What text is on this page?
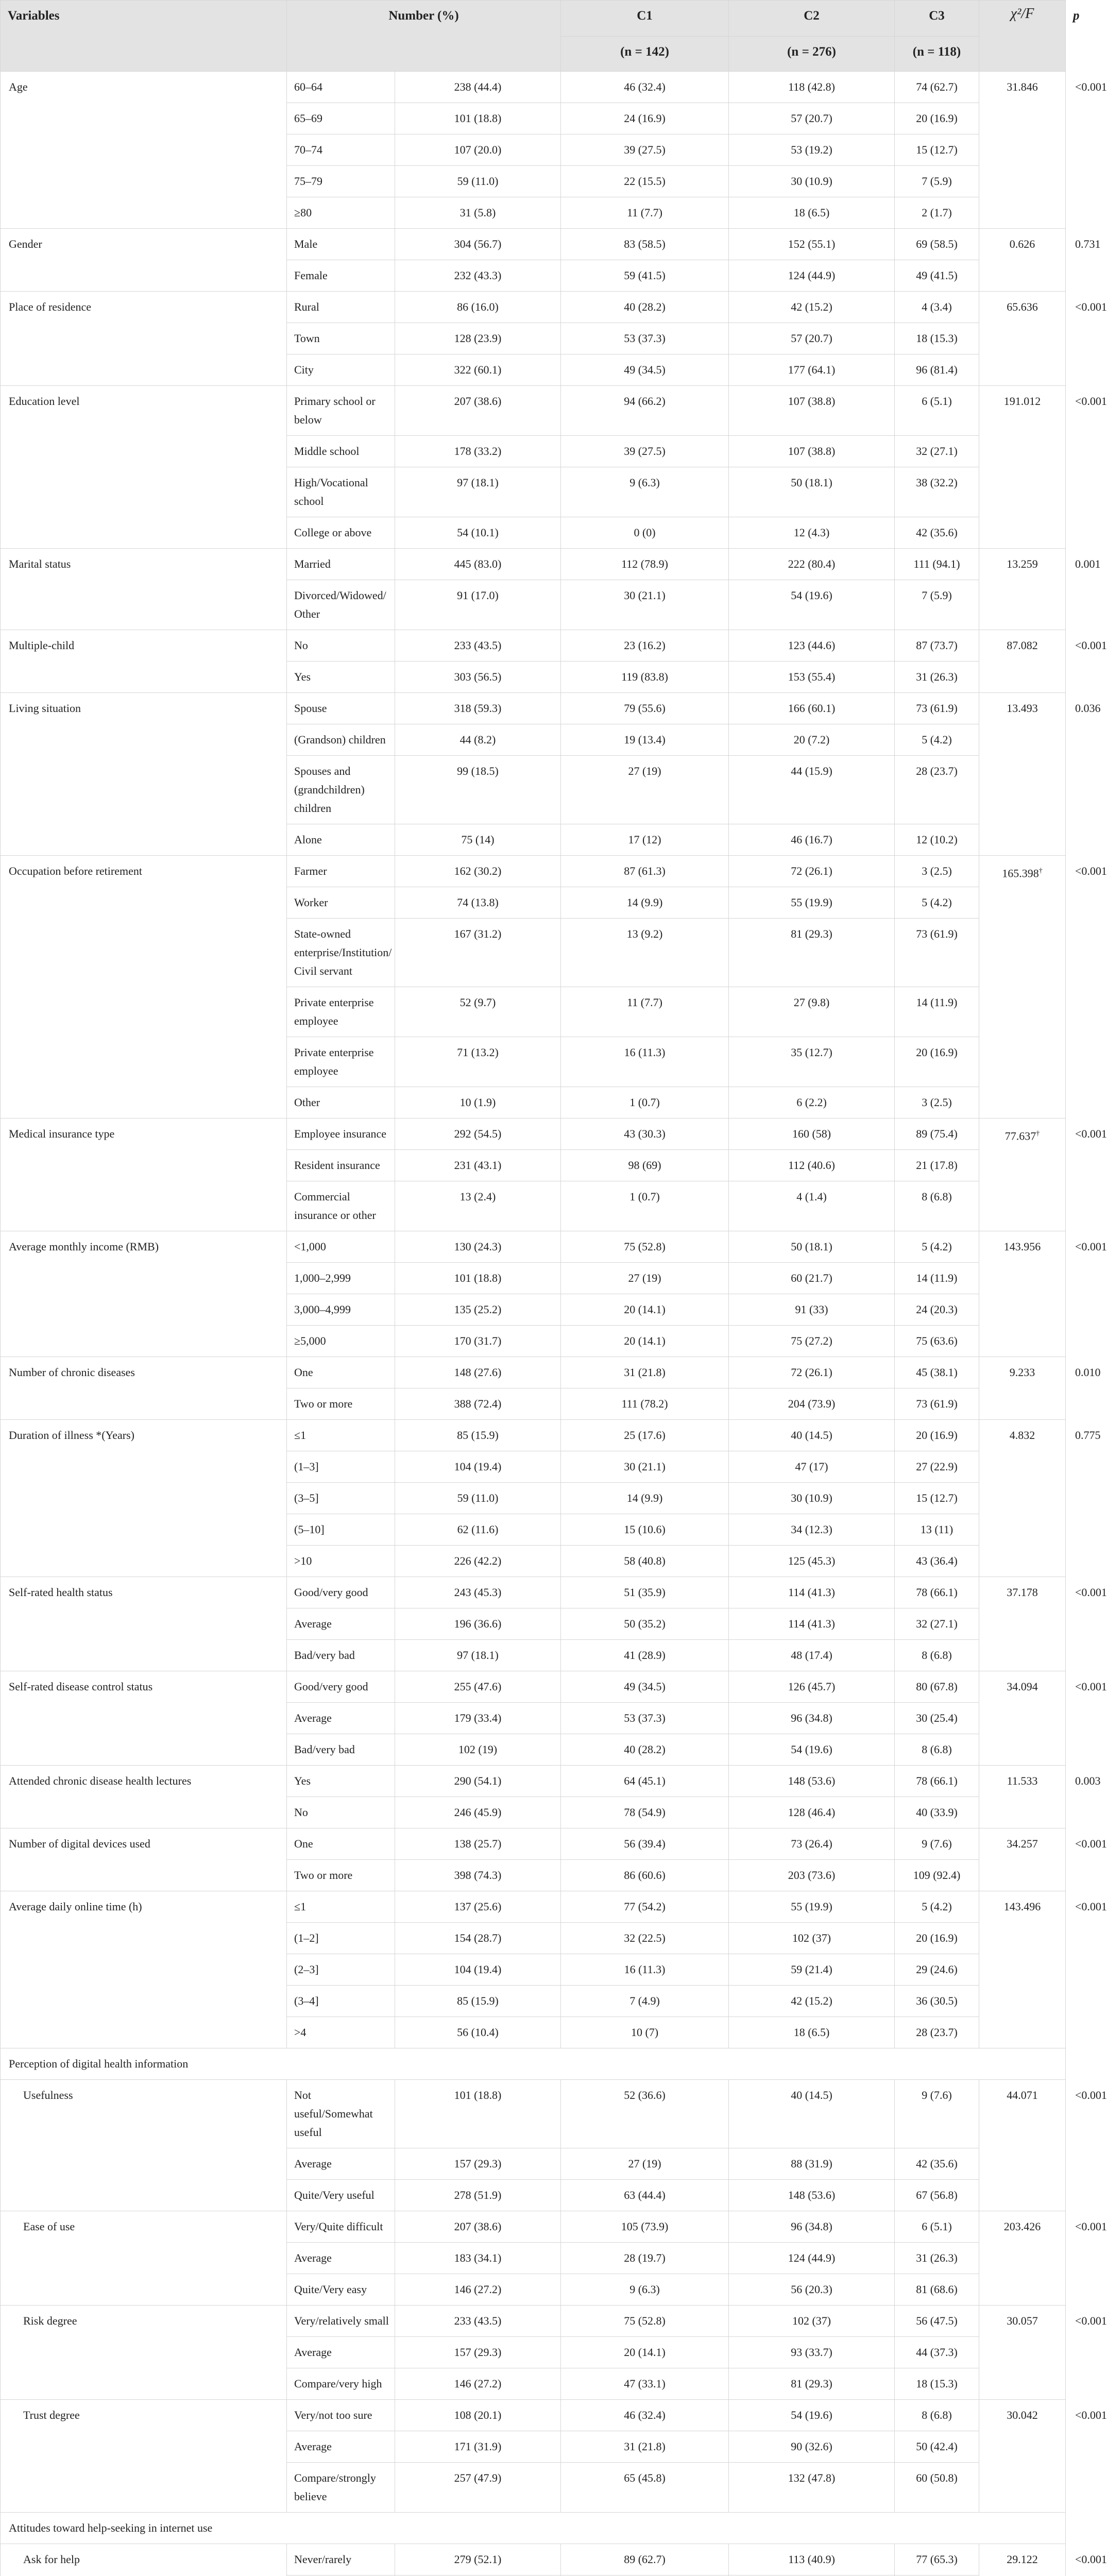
Variables	Number (%)		C1	C2	C3	χ²/F	p

			(n = 142)	(n = 276)	(n = 118)		

Age	60–64	238 (44.4)	46 (32.4)	118 (42.8)	74 (62.7)	31.846	<0.001

	65–69	101 (18.8)	24 (16.9)	57 (20.7)	20 (16.9)		

	70–74	107 (20.0)	39 (27.5)	53 (19.2)	15 (12.7)		

	75–79	59 (11.0)	22 (15.5)	30 (10.9)	7 (5.9)		

	≥80	31 (5.8)	11 (7.7)	18 (6.5)	2 (1.7)		

Gender	Male	304 (56.7)	83 (58.5)	152 (55.1)	69 (58.5)	0.626	0.731

	Female	232 (43.3)	59 (41.5)	124 (44.9)	49 (41.5)		

Place of residence	Rural	86 (16.0)	40 (28.2)	42 (15.2)	4 (3.4)	65.636	<0.001

	Town	128 (23.9)	53 (37.3)	57 (20.7)	18 (15.3)		

	City	322 (60.1)	49 (34.5)	177 (64.1)	96 (81.4)		

Education level	Primary school or below	207 (38.6)	94 (66.2)	107 (38.8)	6 (5.1)	191.012	<0.001

	Middle school	178 (33.2)	39 (27.5)	107 (38.8)	32 (27.1)		

	High/Vocational school	97 (18.1)	9 (6.3)	50 (18.1)	38 (32.2)		

	College or above	54 (10.1)	0 (0)	12 (4.3)	42 (35.6)		

Marital status	Married	445 (83.0)	112 (78.9)	222 (80.4)	111 (94.1)	13.259	0.001

	Divorced/Widowed/ Other	91 (17.0)	30 (21.1)	54 (19.6)	7 (5.9)		

Multiple-child	No	233 (43.5)	23 (16.2)	123 (44.6)	87 (73.7)	87.082	<0.001

	Yes	303 (56.5)	119 (83.8)	153 (55.4)	31 (26.3)		

Living situation	Spouse	318 (59.3)	79 (55.6)	166 (60.1)	73 (61.9)	13.493	0.036

	(Grandson) children	44 (8.2)	19 (13.4)	20 (7.2)	5 (4.2)		

	Spouses and (grandchildren) children	99 (18.5)	27 (19)	44 (15.9)	28 (23.7)		

	Alone	75 (14)	17 (12)	46 (16.7)	12 (10.2)		

Occupation before retirement	Farmer	162 (30.2)	87 (61.3)	72 (26.1)	3 (2.5)	165.398†	<0.001

	Worker	74 (13.8)	14 (9.9)	55 (19.9)	5 (4.2)		

	State-owned enterprise/Institution/ Civil servant	167 (31.2)	13 (9.2)	81 (29.3)	73 (61.9)		

	Private enterprise employee	52 (9.7)	11 (7.7)	27 (9.8)	14 (11.9)		

	Private enterprise employee	71 (13.2)	16 (11.3)	35 (12.7)	20 (16.9)		

	Other	10 (1.9)	1 (0.7)	6 (2.2)	3 (2.5)		

Medical insurance type	Employee insurance	292 (54.5)	43 (30.3)	160 (58)	89 (75.4)	77.637†	<0.001

	Resident insurance	231 (43.1)	98 (69)	112 (40.6)	21 (17.8)		

	Commercial insurance or other	13 (2.4)	1 (0.7)	4 (1.4)	8 (6.8)		

Average monthly income (RMB)	<1,000	130 (24.3)	75 (52.8)	50 (18.1)	5 (4.2)	143.956	<0.001

	1,000–2,999	101 (18.8)	27 (19)	60 (21.7)	14 (11.9)		

	3,000–4,999	135 (25.2)	20 (14.1)	91 (33)	24 (20.3)		

	≥5,000	170 (31.7)	20 (14.1)	75 (27.2)	75 (63.6)		

Number of chronic diseases	One	148 (27.6)	31 (21.8)	72 (26.1)	45 (38.1)	9.233	0.010

	Two or more	388 (72.4)	111 (78.2)	204 (73.9)	73 (61.9)		

Duration of illness *(Years)	≤1	85 (15.9)	25 (17.6)	40 (14.5)	20 (16.9)	4.832	0.775

	(1–3]	104 (19.4)	30 (21.1)	47 (17)	27 (22.9)		

	(3–5]	59 (11.0)	14 (9.9)	30 (10.9)	15 (12.7)		

	(5–10]	62 (11.6)	15 (10.6)	34 (12.3)	13 (11)		

	>10	226 (42.2)	58 (40.8)	125 (45.3)	43 (36.4)		

Self-rated health status	Good/very good	243 (45.3)	51 (35.9)	114 (41.3)	78 (66.1)	37.178	<0.001

	Average	196 (36.6)	50 (35.2)	114 (41.3)	32 (27.1)		

	Bad/very bad	97 (18.1)	41 (28.9)	48 (17.4)	8 (6.8)		

Self-rated disease control status	Good/very good	255 (47.6)	49 (34.5)	126 (45.7)	80 (67.8)	34.094	<0.001

	Average	179 (33.4)	53 (37.3)	96 (34.8)	30 (25.4)		

	Bad/very bad	102 (19)	40 (28.2)	54 (19.6)	8 (6.8)		

Attended chronic disease health lectures	Yes	290 (54.1)	64 (45.1)	148 (53.6)	78 (66.1)	11.533	0.003

	No	246 (45.9)	78 (54.9)	128 (46.4)	40 (33.9)		

Number of digital devices used	One	138 (25.7)	56 (39.4)	73 (26.4)	9 (7.6)	34.257	<0.001

	Two or more	398 (74.3)	86 (60.6)	203 (73.6)	109 (92.4)		

Average daily online time (h)	≤1	137 (25.6)	77 (54.2)	55 (19.9)	5 (4.2)	143.496	<0.001

	(1–2]	154 (28.7)	32 (22.5)	102 (37)	20 (16.9)		

	(2–3]	104 (19.4)	16 (11.3)	59 (21.4)	29 (24.6)		

	(3–4]	85 (15.9)	7 (4.9)	42 (15.2)	36 (30.5)		

	>4	56 (10.4)	10 (7)	18 (6.5)	28 (23.7)		

Perception of digital health information							

Usefulness	Not useful/Somewhat useful	101 (18.8)	52 (36.6)	40 (14.5)	9 (7.6)	44.071	<0.001

	Average	157 (29.3)	27 (19)	88 (31.9)	42 (35.6)		

	Quite/Very useful	278 (51.9)	63 (44.4)	148 (53.6)	67 (56.8)		

Ease of use	Very/Quite difficult	207 (38.6)	105 (73.9)	96 (34.8)	6 (5.1)	203.426	<0.001

	Average	183 (34.1)	28 (19.7)	124 (44.9)	31 (26.3)		

	Quite/Very easy	146 (27.2)	9 (6.3)	56 (20.3)	81 (68.6)		

Risk degree	Very/relatively small	233 (43.5)	75 (52.8)	102 (37)	56 (47.5)	30.057	<0.001

	Average	157 (29.3)	20 (14.1)	93 (33.7)	44 (37.3)		

	Compare/very high	146 (27.2)	47 (33.1)	81 (29.3)	18 (15.3)		

Trust degree	Very/not too sure	108 (20.1)	46 (32.4)	54 (19.6)	8 (6.8)	30.042	<0.001

	Average	171 (31.9)	31 (21.8)	90 (32.6)	50 (42.4)		

	Compare/strongly believe	257 (47.9)	65 (45.8)	132 (47.8)	60 (50.8)		

Attitudes toward help-seeking in internet use							

Ask for help	Never/rarely	279 (52.1)	89 (62.7)	113 (40.9)	77 (65.3)	29.122	<0.001
